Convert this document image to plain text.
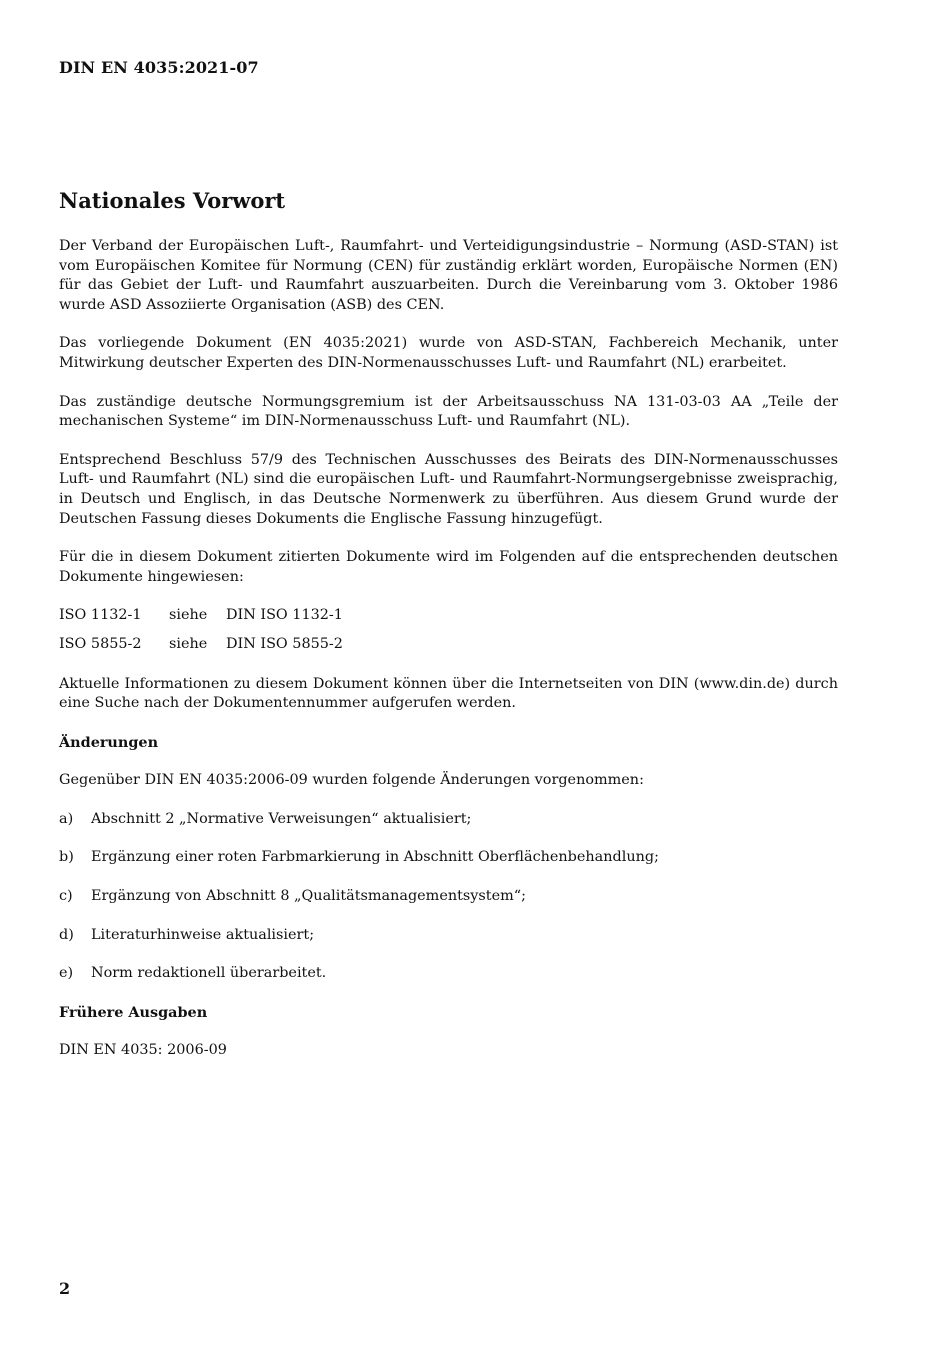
DIN EN 4035:2021-07
Nationales Vorwort

Der Verband der Europäischen Luft-, Raumfahrt- und Verteidigungsindustrie – Normung (ASD-STAN) ist vom Europäischen Komitee für Normung (CEN) für zuständig erklärt worden, Europäische Normen (EN) für das Gebiet der Luft- und Raumfahrt auszuarbeiten. Durch die Vereinbarung vom 3. Oktober 1986 wurde ASD Assoziierte Organisation (ASB) des CEN.

Das vorliegende Dokument (EN 4035:2021) wurde von ASD-STAN, Fachbereich Mechanik, unter Mitwirkung deutscher Experten des DIN-Normenausschusses Luft- und Raumfahrt (NL) erarbeitet.

Das zuständige deutsche Normungsgremium ist der Arbeitsausschuss NA 131-03-03 AA „Teile der mechanischen Systeme“ im DIN-Normenausschuss Luft- und Raumfahrt (NL).

Entsprechend Beschluss 57/9 des Technischen Ausschusses des Beirats des DIN-Normenausschusses Luft- und Raumfahrt (NL) sind die europäischen Luft- und Raumfahrt-Normungsergebnisse zweisprachig, in Deutsch und Englisch, in das Deutsche Normenwerk zu überführen. Aus diesem Grund wurde der Deutschen Fassung dieses Dokuments die Englische Fassung hinzugefügt.

Für die in diesem Dokument zitierten Dokumente wird im Folgenden auf die entsprechenden deutschen Dokumente hingewiesen:

ISO 1132-1	siehe	DIN ISO 1132-1
ISO 5855-2	siehe	DIN ISO 5855-2

Aktuelle Informationen zu diesem Dokument können über die Internetseiten von DIN (www.din.de) durch eine Suche nach der Dokumentennummer aufgerufen werden.

Änderungen

Gegenüber DIN EN 4035:2006-09 wurden folgende Änderungen vorgenommen:

a)	Abschnitt 2 „Normative Verweisungen“ aktualisiert;
b)	Ergänzung einer roten Farbmarkierung in Abschnitt Oberflächenbehandlung;
c)	Ergänzung von Abschnitt 8 „Qualitätsmanagementsystem“;
d)	Literaturhinweise aktualisiert;
e)	Norm redaktionell überarbeitet.
Frühere Ausgaben

DIN EN 4035: 2006-09

2
